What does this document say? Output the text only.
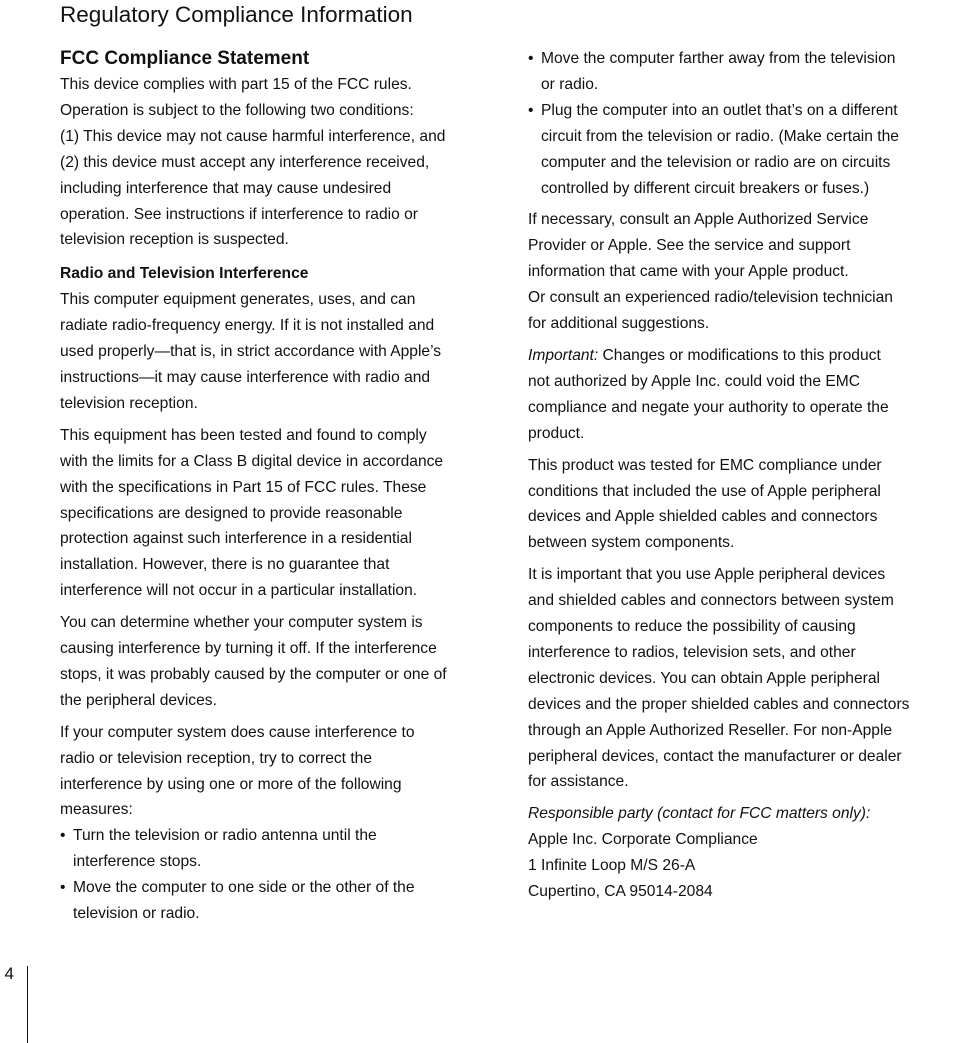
Regulatory Compliance Information
FCC Compliance Statement

This device complies with part 15 of the FCC rules.
Operation is subject to the following two conditions:
(1) This device may not cause harmful interference, and
(2) this device must accept any interference received,
including interference that may cause undesired
operation. See instructions if interference to radio or
television reception is suspected.

Radio and Television Interference

This computer equipment generates, uses, and can
radiate radio-frequency energy. If it is not installed and
used properly—that is, in strict accordance with Apple’s
instructions—it may cause interference with radio and
television reception.

This equipment has been tested and found to comply
with the limits for a Class B digital device in accordance
with the specifications in Part 15 of FCC rules. These
specifications are designed to provide reasonable
protection against such interference in a residential
installation. However, there is no guarantee that
interference will not occur in a particular installation.

You can determine whether your computer system is
causing interference by turning it off. If the interference
stops, it was probably caused by the computer or one of
the peripheral devices.

If your computer system does cause interference to
radio or television reception, try to correct the
interference by using one or more of the following
measures:

• Turn the television or radio antenna until the
interference stops.
• Move the computer to one side or the other of the
television or radio.
• Move the computer farther away from the television
or radio.
• Plug the computer into an outlet that’s on a different
circuit from the television or radio. (Make certain the
computer and the television or radio are on circuits
controlled by different circuit breakers or fuses.)

If necessary, consult an Apple Authorized Service
Provider or Apple. See the service and support
information that came with your Apple product.
Or consult an experienced radio/television technician
for additional suggestions.

Important: Changes or modifications to this product
not authorized by Apple Inc. could void the EMC
compliance and negate your authority to operate the
product.

This product was tested for EMC compliance under
conditions that included the use of Apple peripheral
devices and Apple shielded cables and connectors
between system components.

It is important that you use Apple peripheral devices
and shielded cables and connectors between system
components to reduce the possibility of causing
interference to radios, television sets, and other
electronic devices. You can obtain Apple peripheral
devices and the proper shielded cables and connectors
through an Apple Authorized Reseller. For non-Apple
peripheral devices, contact the manufacturer or dealer
for assistance.

Responsible party (contact for FCC matters only):
Apple Inc. Corporate Compliance
1 Infinite Loop M/S 26-A
Cupertino, CA 95014-2084

4
